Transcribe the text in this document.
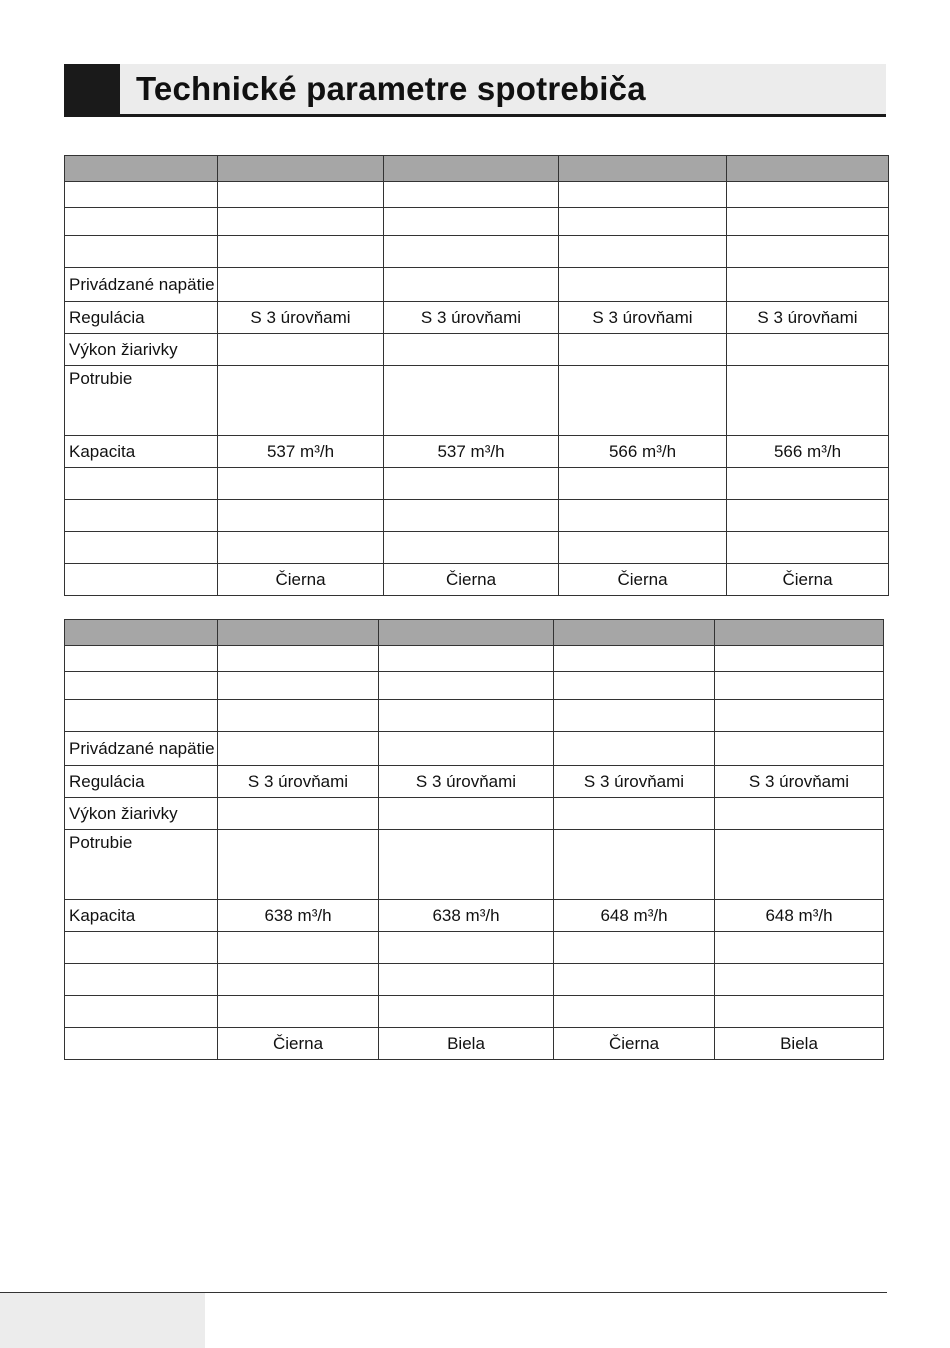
Technické parametre spotrebiča

Privádzané napätie				
Regulácia	S 3 úrovňami	S 3 úrovňami	S 3 úrovňami	S 3 úrovňami
Výkon žiarivky				
Potrubie				
Kapacita	537 m³/h	537 m³/h	566 m³/h	566 m³/h

	Čierna	Čierna	Čierna	Čierna

Privádzané napätie				
Regulácia	S 3 úrovňami	S 3 úrovňami	S 3 úrovňami	S 3 úrovňami
Výkon žiarivky				
Potrubie				
Kapacita	638 m³/h	638 m³/h	648 m³/h	648 m³/h

	Čierna	Biela	Čierna	Biela
